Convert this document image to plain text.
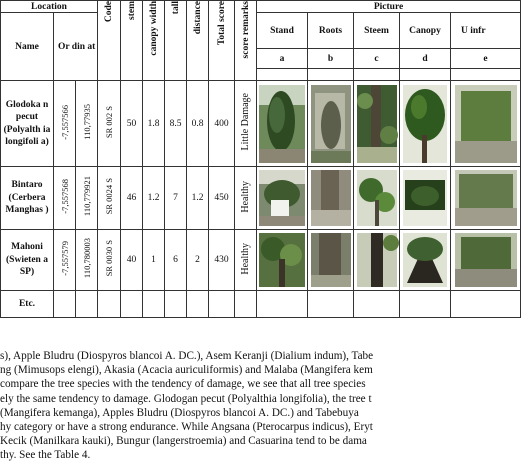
Location			Code	stem	canopy width	tall	distance	Total score	score remarks	Picture				
Name	Or din at									Stand	Roots	Steem	Canopy	U infr
										a	b	c	d	e

Glodoka n pecut (Polyalth ia longifoli a)	-7,557566	110,77935	SR 002 S	50	1.8	8.5	0.8	400	Little Damage	

Bintaro (Cerbera Manghas )	-7,557568	110,779921	SR 0024 S	46	1.2	7	1.2	450	Healthy	

Mahoni (Swieten a SP)	-7,557579	110,780003	SR 0030 S	40	1	6	2	430	Healthy	

Etc.														
s), Apple Bludru (Diospyros blancoi A. DC.), Asem Keranji (Dialium indum), Tabe
ng (Mimusops elengi), Akasia (Acacia auriculiformis) and Malaba (Mangifera kem
compare the tree species with the tendency of damage, we see that all tree species
ely the same tendency to damage. Glodogan pecut (Polyalthia longifolia), the tree t
(Mangifera kemanga), Apples Bludru (Diospyros blancoi A. DC.) and Tabebuya
hy category or have a strong endurance. While Angsana (Pterocarpus indicus), Eryt
Kecik (Manilkara kauki), Bungur (langerstroemia) and Casuarina tend to be dama
thy. See the Table 4.
